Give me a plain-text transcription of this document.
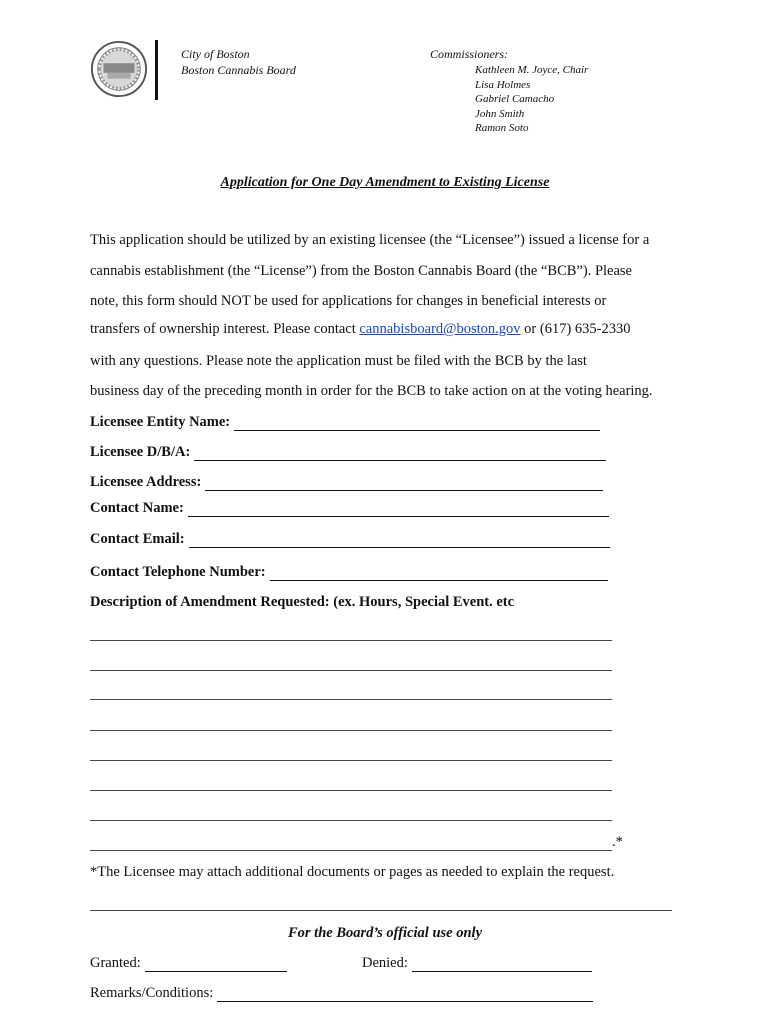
City of Boston
Boston Cannabis Board
Commissioners:
Kathleen M. Joyce, Chair
Lisa Holmes
Gabriel Camacho
John Smith
Ramon Soto
Application for One Day Amendment to Existing License
This application should be utilized by an existing licensee (the “Licensee”) issued a license for a
cannabis establishment (the “License”) from the Boston Cannabis Board (the “BCB”). Please
note, this form should NOT be used for applications for changes in beneficial interests or
transfers of ownership interest. Please contact cannabisboard@boston.gov or (617) 635-2330
with any questions. Please note the application must be filed with the BCB by the last
business day of the preceding month in order for the BCB to take action on at the voting hearing.
Licensee Entity Name:
Licensee D/B/A:
Licensee Address:
Contact Name:
Contact Email:
Contact Telephone Number:
Description of Amendment Requested: (ex. Hours, Special Event. etc
.*
*The Licensee may attach additional documents or pages as needed to explain the request.
For the Board’s official use only
Granted:	Denied:
Remarks/Conditions:
